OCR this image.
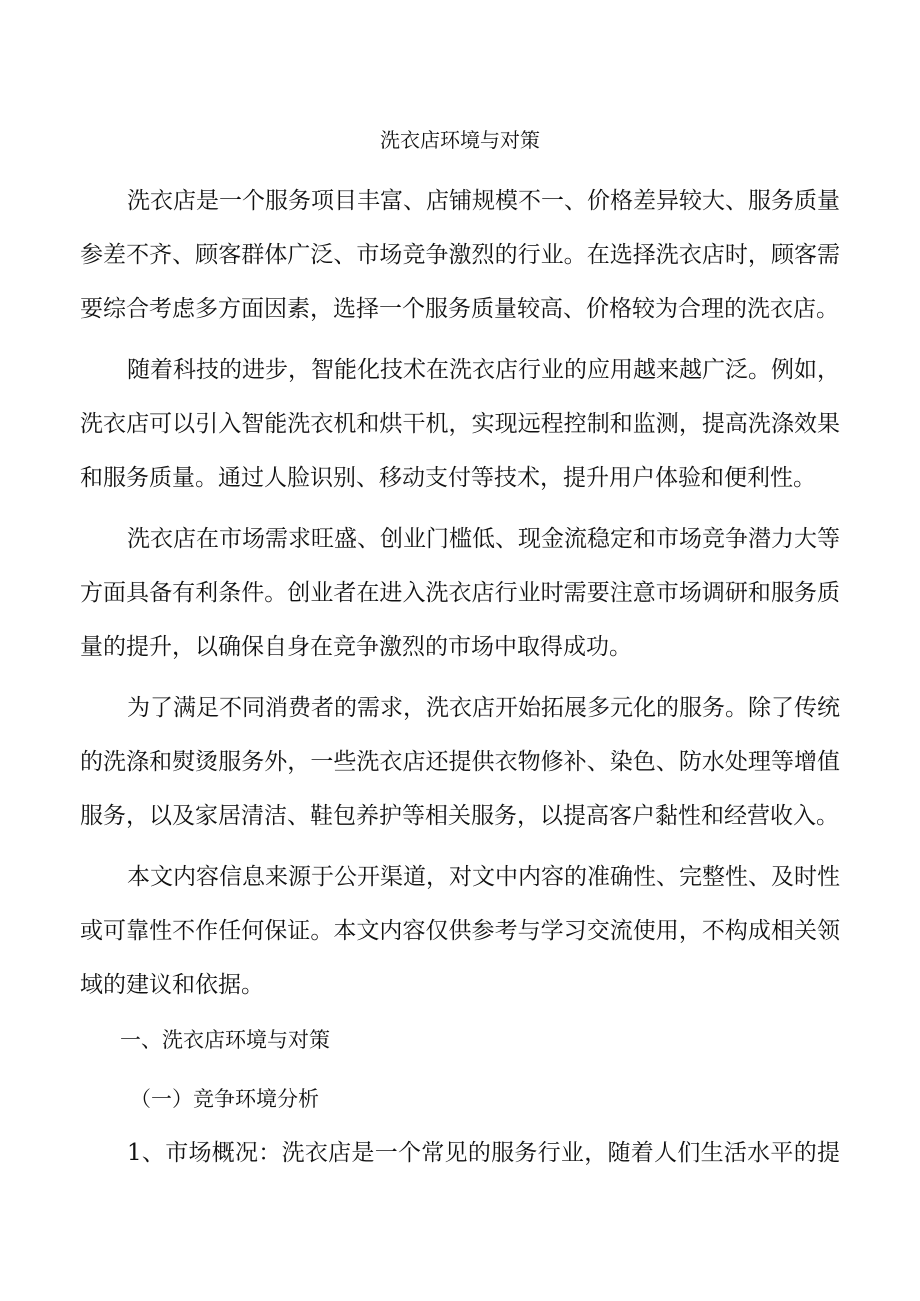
洗衣店环境与对策
洗衣店是一个服务项目丰富、店铺规模不一、价格差异较大、服务质量
参差不齐、顾客群体广泛、市场竞争激烈的行业。在选择洗衣店时，顾客需
要综合考虑多方面因素，选择一个服务质量较高、价格较为合理的洗衣店。
随着科技的进步，智能化技术在洗衣店行业的应用越来越广泛。例如，
洗衣店可以引入智能洗衣机和烘干机，实现远程控制和监测，提高洗涤效果
和服务质量。通过人脸识别、移动支付等技术，提升用户体验和便利性。
洗衣店在市场需求旺盛、创业门槛低、现金流稳定和市场竞争潜力大等
方面具备有利条件。创业者在进入洗衣店行业时需要注意市场调研和服务质
量的提升，以确保自身在竞争激烈的市场中取得成功。
为了满足不同消费者的需求，洗衣店开始拓展多元化的服务。除了传统
的洗涤和熨烫服务外，一些洗衣店还提供衣物修补、染色、防水处理等增值
服务，以及家居清洁、鞋包养护等相关服务，以提高客户黏性和经营收入。
本文内容信息来源于公开渠道，对文中内容的准确性、完整性、及时性
或可靠性不作任何保证。本文内容仅供参考与学习交流使用，不构成相关领
域的建议和依据。
一、洗衣店环境与对策
（一）竞争环境分析
1、市场概况：洗衣店是一个常见的服务行业，随着人们生活水平的提
